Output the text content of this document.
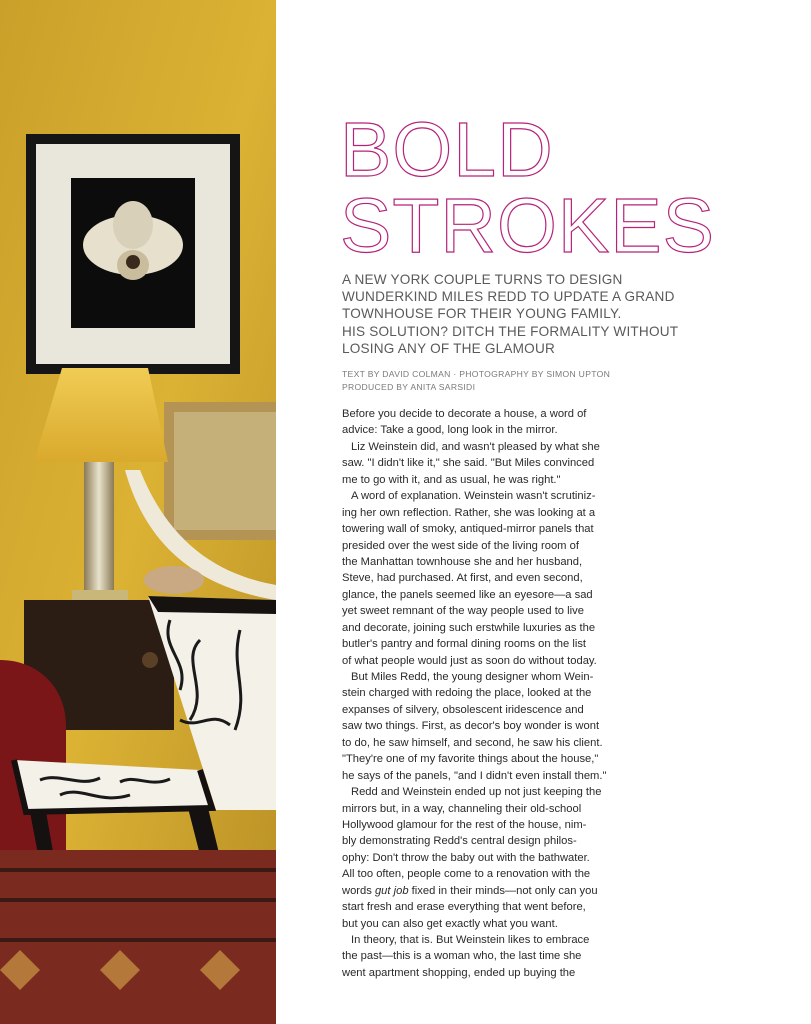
BOLD
STROKES
A NEW YORK COUPLE TURNS TO DESIGN
WUNDERKIND MILES REDD TO UPDATE A GRAND
TOWNHOUSE FOR THEIR YOUNG FAMILY.
HIS SOLUTION? DITCH THE FORMALITY WITHOUT
LOSING ANY OF THE GLAMOUR
TEXT BY DAVID COLMAN · PHOTOGRAPHY BY SIMON UPTON
PRODUCED BY ANITA SARSIDI
Before you decide to decorate a house, a word of
advice: Take a good, long look in the mirror.
Liz Weinstein did, and wasn't pleased by what she
saw. "I didn't like it," she said. "But Miles convinced
me to go with it, and as usual, he was right."
A word of explanation. Weinstein wasn't scrutiniz-
ing her own reflection. Rather, she was looking at a
towering wall of smoky, antiqued-mirror panels that
presided over the west side of the living room of
the Manhattan townhouse she and her husband,
Steve, had purchased. At first, and even second,
glance, the panels seemed like an eyesore—a sad
yet sweet remnant of the way people used to live
and decorate, joining such erstwhile luxuries as the
butler's pantry and formal dining rooms on the list
of what people would just as soon do without today.
But Miles Redd, the young designer whom Wein-
stein charged with redoing the place, looked at the
expanses of silvery, obsolescent iridescence and
saw two things. First, as decor's boy wonder is wont
to do, he saw himself, and second, he saw his client.
"They're one of my favorite things about the house,"
he says of the panels, "and I didn't even install them."
Redd and Weinstein ended up not just keeping the
mirrors but, in a way, channeling their old-school
Hollywood glamour for the rest of the house, nim-
bly demonstrating Redd's central design philos-
ophy: Don't throw the baby out with the bathwater.
All too often, people come to a renovation with the
words gut job fixed in their minds—not only can you
start fresh and erase everything that went before,
but you can also get exactly what you want.
In theory, that is. But Weinstein likes to embrace
the past—this is a woman who, the last time she
went apartment shopping, ended up buying the
